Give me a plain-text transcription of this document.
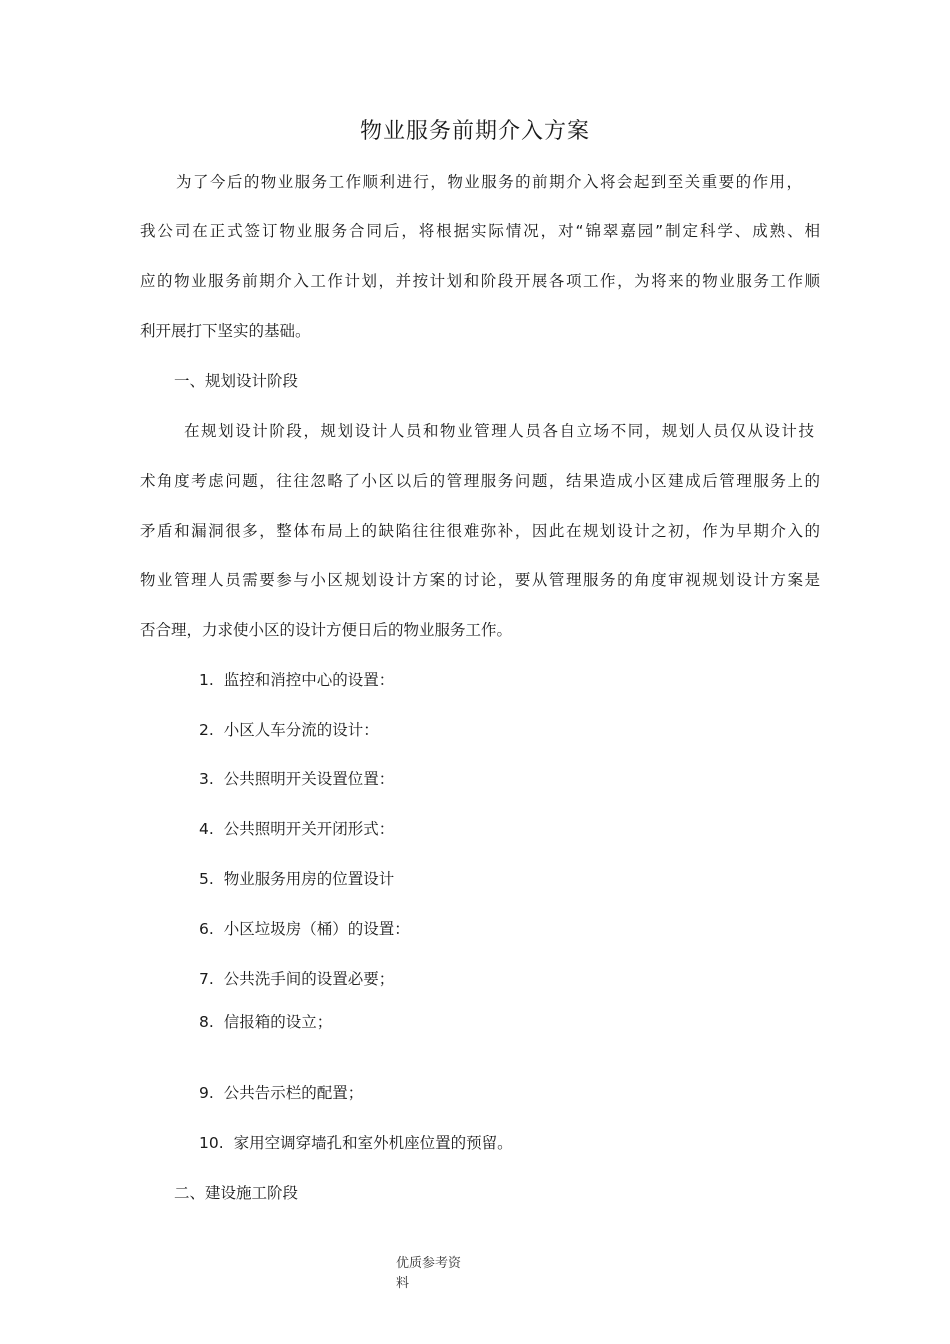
物业服务前期介入方案
为了今后的物业服务工作顺利进行，物业服务的前期介入将会起到至关重要的作用，
我公司在正式签订物业服务合同后，将根据实际情况，对“锦翠嘉园”制定科学、成熟、相
应的物业服务前期介入工作计划，并按计划和阶段开展各项工作，为将来的物业服务工作顺
利开展打下坚实的基础。
一、规划设计阶段
在规划设计阶段，规划设计人员和物业管理人员各自立场不同，规划人员仅从设计技
术角度考虑问题，往往忽略了小区以后的管理服务问题，结果造成小区建成后管理服务上的
矛盾和漏洞很多，整体布局上的缺陷往往很难弥补，因此在规划设计之初，作为早期介入的
物业管理人员需要参与小区规划设计方案的讨论，要从管理服务的角度审视规划设计方案是
否合理，力求使小区的设计方便日后的物业服务工作。
1. 监控和消控中心的设置：
2. 小区人车分流的设计：
3. 公共照明开关设置位置：
4. 公共照明开关开闭形式：
5. 物业服务用房的位置设计
6. 小区垃圾房（桶）的设置：
7. 公共洗手间的设置必要；
8. 信报箱的设立；
9. 公共告示栏的配置；
10. 家用空调穿墙孔和室外机座位置的预留。
二、建设施工阶段
优质参考资
料
